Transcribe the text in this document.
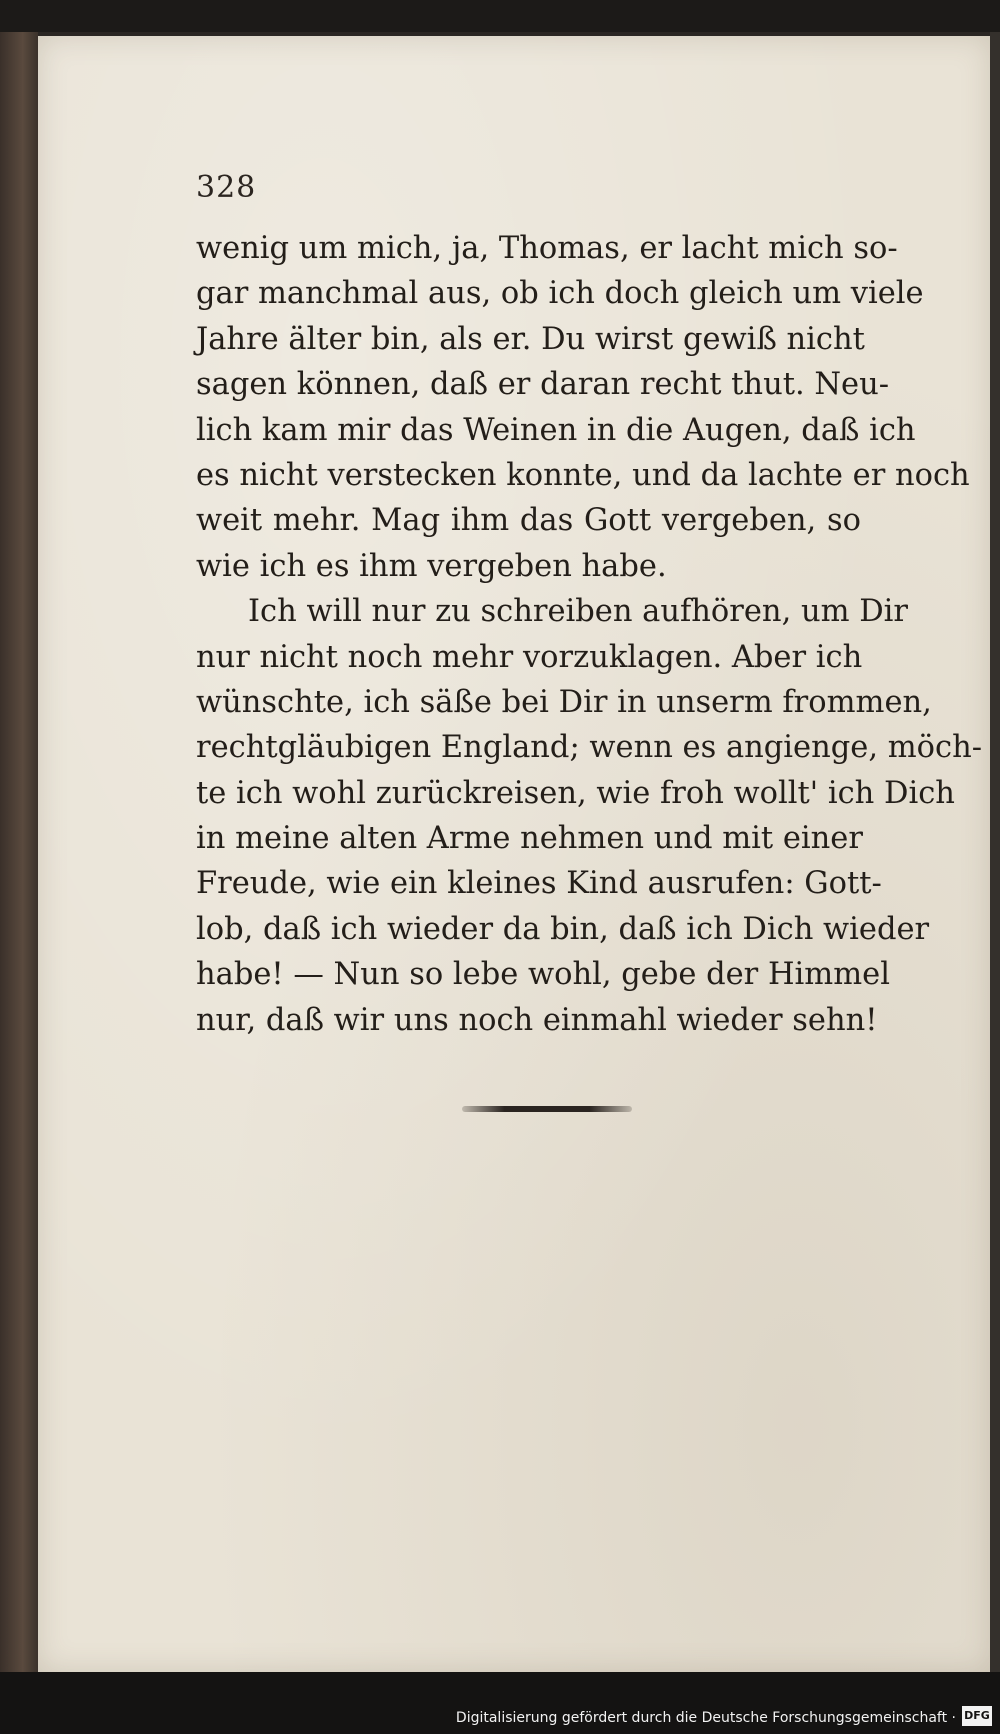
328
wenig um mich, ja, Thomas, er lacht mich so-
gar manchmal aus, ob ich doch gleich um viele
Jahre älter bin, als er. Du wirst gewiß nicht
sagen können, daß er daran recht thut. Neu-
lich kam mir das Weinen in die Augen, daß ich
es nicht verstecken konnte, und da lachte er noch
weit mehr. Mag ihm das Gott vergeben, so
wie ich es ihm vergeben habe.
Ich will nur zu schreiben aufhören, um Dir
nur nicht noch mehr vorzuklagen. Aber ich
wünschte, ich säße bei Dir in unserm frommen,
rechtgläubigen England; wenn es angienge, möch-
te ich wohl zurückreisen, wie froh wollt' ich Dich
in meine alten Arme nehmen und mit einer
Freude, wie ein kleines Kind ausrufen: Gott-
lob, daß ich wieder da bin, daß ich Dich wieder
habe! — Nun so lebe wohl, gebe der Himmel
nur, daß wir uns noch einmahl wieder sehn!
Digitalisierung gefördert durch die Deutsche Forschungsgemeinschaft · DFG
